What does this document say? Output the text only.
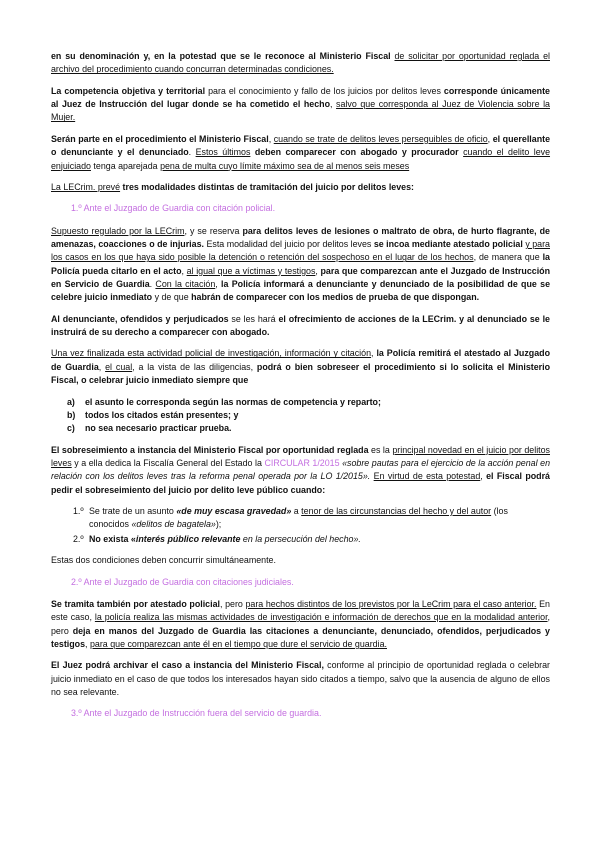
en su denominación y, en la potestad que se le reconoce al Ministerio Fiscal de solicitar por oportunidad reglada el archivo del procedimiento cuando concurran determinadas condiciones.

La competencia objetiva y territorial para el conocimiento y fallo de los juicios por delitos leves corresponde únicamente al Juez de Instrucción del lugar donde se ha cometido el hecho, salvo que corresponda al Juez de Violencia sobre la Mujer.

Serán parte en el procedimiento el Ministerio Fiscal, cuando se trate de delitos leves perseguibles de oficio, el querellante o denunciante y el denunciado. Estos últimos deben comparecer con abogado y procurador cuando el delito leve enjuiciado tenga aparejada pena de multa cuyo límite máximo sea de al menos seis meses

La LECrim. prevé tres modalidades distintas de tramitación del juicio por delitos leves:

1.º Ante el Juzgado de Guardia con citación policial.

Supuesto regulado por la LECrim, y se reserva para delitos leves de lesiones o maltrato de obra, de hurto flagrante, de amenazas, coacciones o de injurias. Esta modalidad del juicio por delitos leves se incoa mediante atestado policial y para los casos en los que haya sido posible la detención o retención del sospechoso en el lugar de los hechos, de manera que la Policía pueda citarlo en el acto, al igual que a víctimas y testigos, para que comparezcan ante el Juzgado de Instrucción en Servicio de Guardia. Con la citación, la Policía informará a denunciante y denunciado de la posibilidad de que se celebre juicio inmediato y de que habrán de comparecer con los medios de prueba de que dispongan.

Al denunciante, ofendidos y perjudicados se les hará el ofrecimiento de acciones de la LECrim. y al denunciado se le instruirá de su derecho a comparecer con abogado.

Una vez finalizada esta actividad policial de investigación, información y citación, la Policía remitirá el atestado al Juzgado de Guardia, el cual, a la vista de las diligencias, podrá o bien sobreseer el procedimiento si lo solicita el Ministerio Fiscal, o celebrar juicio inmediato siempre que

a)	el asunto le corresponda según las normas de competencia y reparto;
b)	todos los citados están presentes; y
c)	no sea necesario practicar prueba.

El sobreseimiento a instancia del Ministerio Fiscal por oportunidad reglada es la principal novedad en el juicio por delitos leves y a ella dedica la Fiscalía General del Estado la CIRCULAR 1/2015 «sobre pautas para el ejercicio de la acción penal en relación con los delitos leves tras la reforma penal operada por la LO 1/2015». En virtud de esta potestad, el Fiscal podrá pedir el sobreseimiento del juicio por delito leve público cuando:

1.º Se trate de un asunto «de muy escasa gravedad» a tenor de las circunstancias del hecho y del autor (los conocidos «delitos de bagatela»);
2.º No exista «interés público relevante en la persecución del hecho».

Estas dos condiciones deben concurrir simultáneamente.

2.º Ante el Juzgado de Guardia con citaciones judiciales.

Se tramita también por atestado policial, pero para hechos distintos de los previstos por la LeCrim para el caso anterior. En este caso, la policía realiza las mismas actividades de investigación e información de derechos que en la modalidad anterior, pero deja en manos del Juzgado de Guardia las citaciones a denunciante, denunciado, ofendidos, perjudicados y testigos, para que comparezcan ante él en el tiempo que dure el servicio de guardia.

El Juez podrá archivar el caso a instancia del Ministerio Fiscal, conforme al principio de oportunidad reglada o celebrar juicio inmediato en el caso de que todos los interesados hayan sido citados a tiempo, salvo que la ausencia de alguno de ellos no sea relevante.

3.º Ante el Juzgado de Instrucción fuera del servicio de guardia.
